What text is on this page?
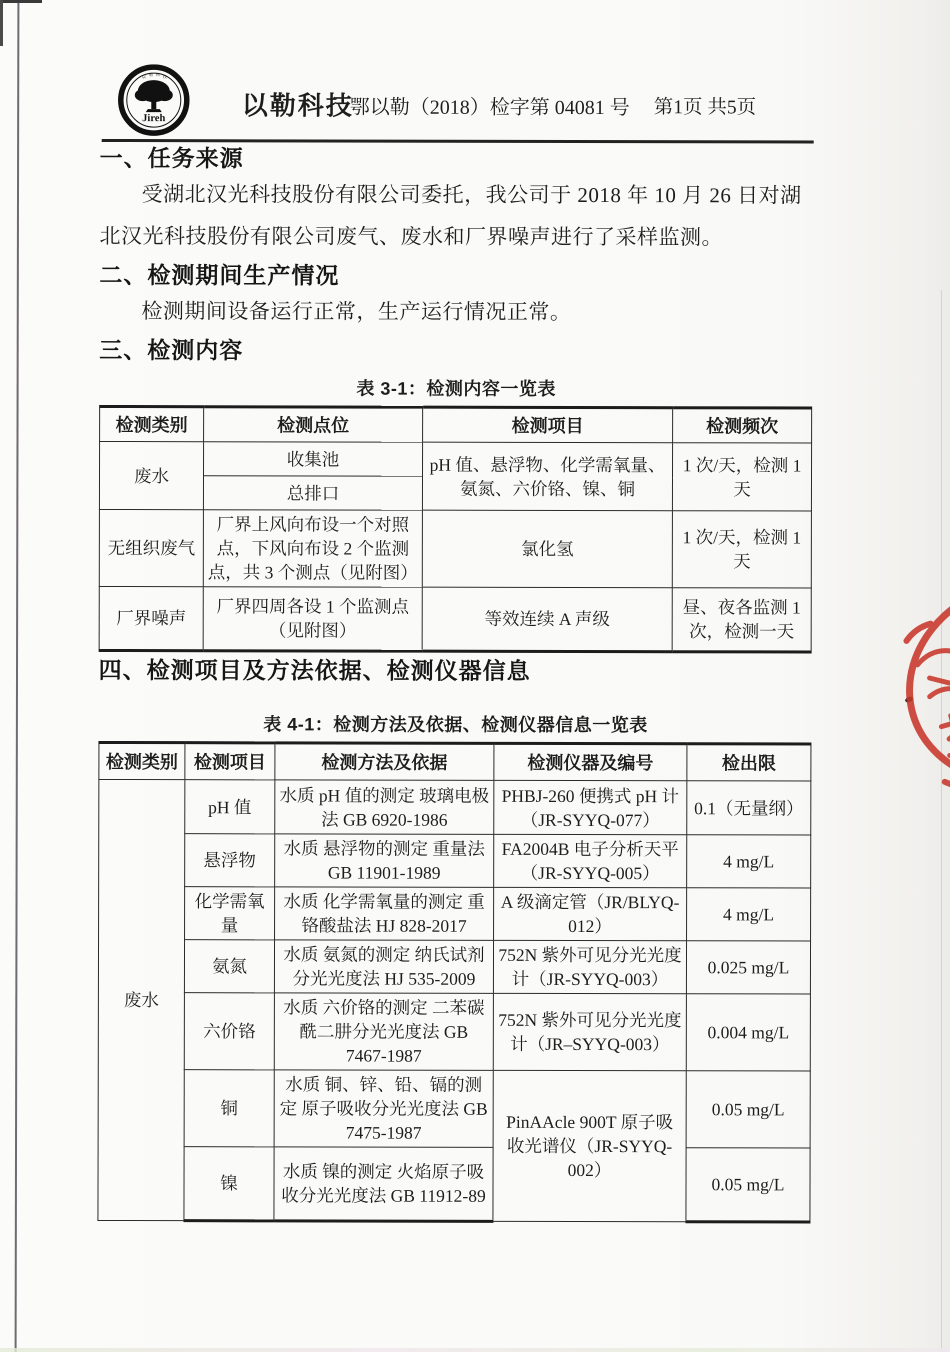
Jireh
以 勒 科 技
以勒科技
鄂以勒（2018）检字第 04081 号 第1页 共5页
一、任务来源

受湖北汉光科技股份有限公司委托，我公司于 2018 年 10 月 26 日对湖北汉光科技股份有限公司废气、废水和厂界噪声进行了采样监测。

二、检测期间生产情况

检测期间设备运行正常，生产运行情况正常。

三、检测内容
表 3-1：检测内容一览表
检测类别	检测点位	检测项目	检测频次
废水	收集池	pH 值、悬浮物、化学需氧量、氨氮、六价铬、镍、铜	1 次/天，检测 1 天
	总排口		
无组织废气	厂界上风向布设一个对照点，下风向布设 2 个监测点，共 3 个测点（见附图）	氯化氢	1 次/天，检测 1 天
厂界噪声	厂界四周各设 1 个监测点（见附图）	等效连续 A 声级	昼、夜各监测 1 次，检测一天
四、检测项目及方法依据、检测仪器信息
表 4-1：检测方法及依据、检测仪器信息一览表
检测类别	检测项目	检测方法及依据	检测仪器及编号	检出限
废水	pH 值	水质 pH 值的测定 玻璃电极法 GB 6920-1986	PHBJ-260 便携式 pH 计（JR-SYYQ-077）	0.1（无量纲）
	悬浮物	水质 悬浮物的测定 重量法 GB 11901-1989	FA2004B 电子分析天平（JR-SYYQ-005）	4 mg/L
	化学需氧量	水质 化学需氧量的测定 重铬酸盐法 HJ 828-2017	A 级滴定管（JR/BLYQ-012）	4 mg/L
	氨氮	水质 氨氮的测定 纳氏试剂分光光度法 HJ 535-2009	752N 紫外可见分光光度计（JR-SYYQ-003）	0.025 mg/L
	六价铬	水质 六价铬的测定 二苯碳酰二肼分光光度法 GB 7467-1987	752N 紫外可见分光光度计（JR–SYYQ-003）	0.004 mg/L
	铜	水质 铜、锌、铅、镉的测定 原子吸收分光光度法 GB 7475-1987	PinAAcle 900T 原子吸收光谱仪（JR-SYYQ-002）	0.05 mg/L
	镍	水质 镍的测定 火焰原子吸收分光光度法 GB 11912-89		0.05 mg/L
